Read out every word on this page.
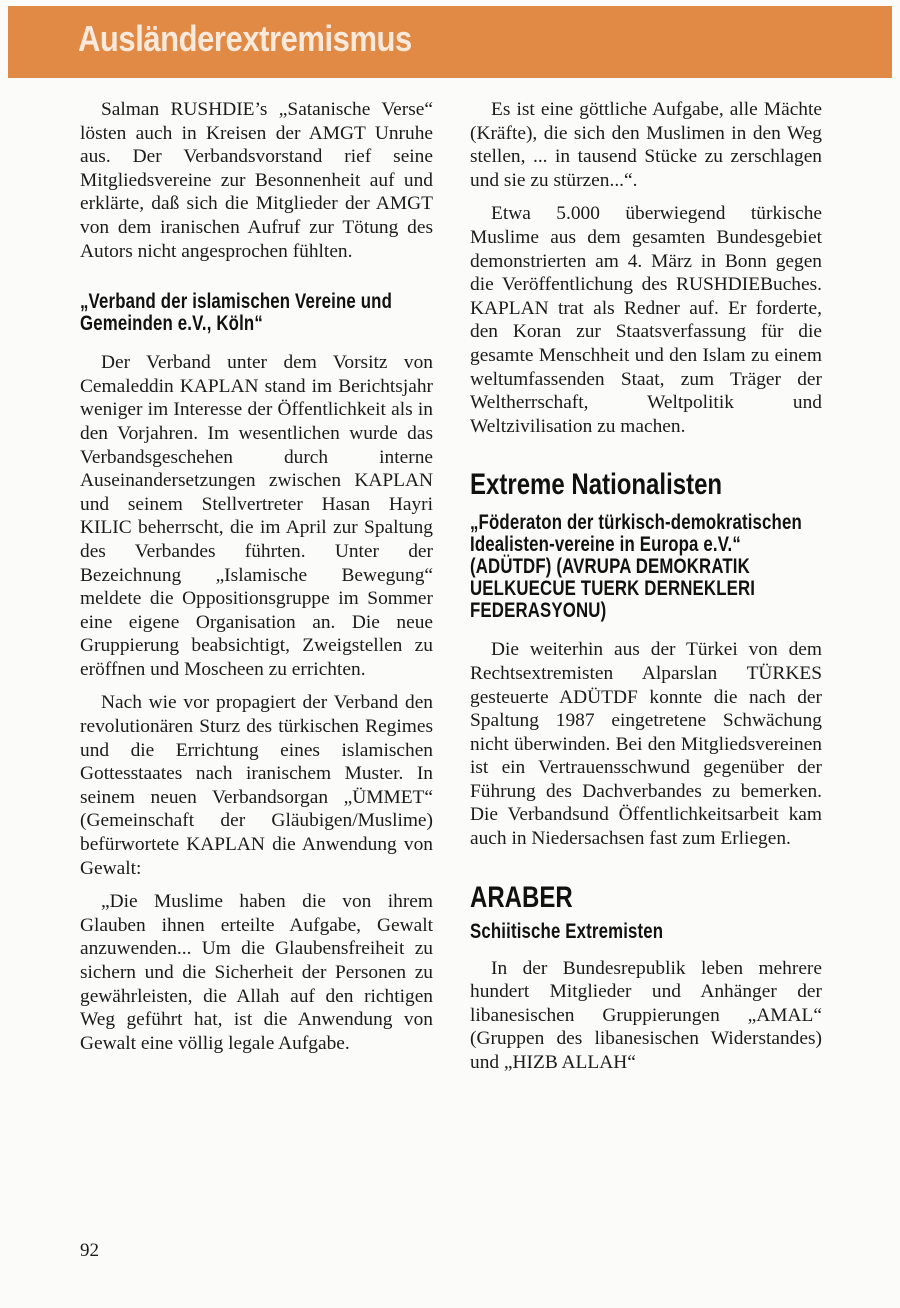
Ausländerextremismus

Salman RUSHDIE’s „Satanische Verse“ lösten auch in Kreisen der AMGT Unruhe aus. Der Verbandsvorstand rief seine Mitgliedsvereine zur Besonnenheit auf und erklärte, daß sich die Mitglieder der AMGT von dem iranischen Aufruf zur Tötung des Autors nicht angesprochen fühlten.

„Verband der islamischen Vereine und Gemeinden e.V., Köln“

Der Verband unter dem Vorsitz von Cemaleddin KAPLAN stand im Berichtsjahr weniger im Interesse der Öffentlichkeit als in den Vorjahren. Im wesentlichen wurde das Verbandsgeschehen durch interne Auseinandersetzungen zwischen KAPLAN und seinem Stellvertreter Hasan Hayri KILIC beherrscht, die im April zur Spaltung des Verbandes führten. Unter der Bezeichnung „Islamische Bewegung“ meldete die Oppositionsgruppe im Sommer eine eigene Organisation an. Die neue Gruppierung beabsichtigt, Zweigstellen zu eröffnen und Moscheen zu errichten.

Nach wie vor propagiert der Verband den revolutionären Sturz des türkischen Regimes und die Errichtung eines islamischen Gottesstaates nach iranischem Muster. In seinem neuen Verbandsorgan „ÜMMET“ (Gemeinschaft der Gläubigen/Muslime) befürwortete KAPLAN die Anwendung von Gewalt:

„Die Muslime haben die von ihrem Glauben ihnen erteilte Aufgabe, Gewalt anzuwenden... Um die Glaubensfreiheit zu sichern und die Sicherheit der Personen zu gewährleisten, die Allah auf den richtigen Weg geführt hat, ist die Anwendung von Gewalt eine völlig legale Aufgabe.

Es ist eine göttliche Aufgabe, alle Mächte (Kräfte), die sich den Muslimen in den Weg stellen, ... in tausend Stücke zu zerschlagen und sie zu stürzen...“.

Etwa 5.000 überwiegend türkische Muslime aus dem gesamten Bundesgebiet demonstrierten am 4. März in Bonn gegen die Veröffentlichung des RUSHDIEBuches. KAPLAN trat als Redner auf. Er forderte, den Koran zur Staatsverfassung für die gesamte Menschheit und den Islam zu einem weltumfassenden Staat, zum Träger der Weltherrschaft, Weltpolitik und Weltzivilisation zu machen.

Extreme Nationalisten
„Föderaton der türkisch-demokratischen Idealisten-vereine in Europa e.V.“ (ADÜTDF) (AVRUPA DEMOKRATIK UELKUECUE TUERK DERNEKLERI FEDERASYONU)

Die weiterhin aus der Türkei von dem Rechtsextremisten Alparslan TÜRKES gesteuerte ADÜTDF konnte die nach der Spaltung 1987 eingetretene Schwächung nicht überwinden. Bei den Mitgliedsvereinen ist ein Vertrauensschwund gegenüber der Führung des Dachverbandes zu bemerken. Die Verbandsund Öffentlichkeitsarbeit kam auch in Niedersachsen fast zum Erliegen.

ARABER
Schiitische Extremisten

In der Bundesrepublik leben mehrere hundert Mitglieder und Anhänger der libanesischen Gruppierungen „AMAL“ (Gruppen des libanesischen Widerstandes) und „HIZB ALLAH“

92
